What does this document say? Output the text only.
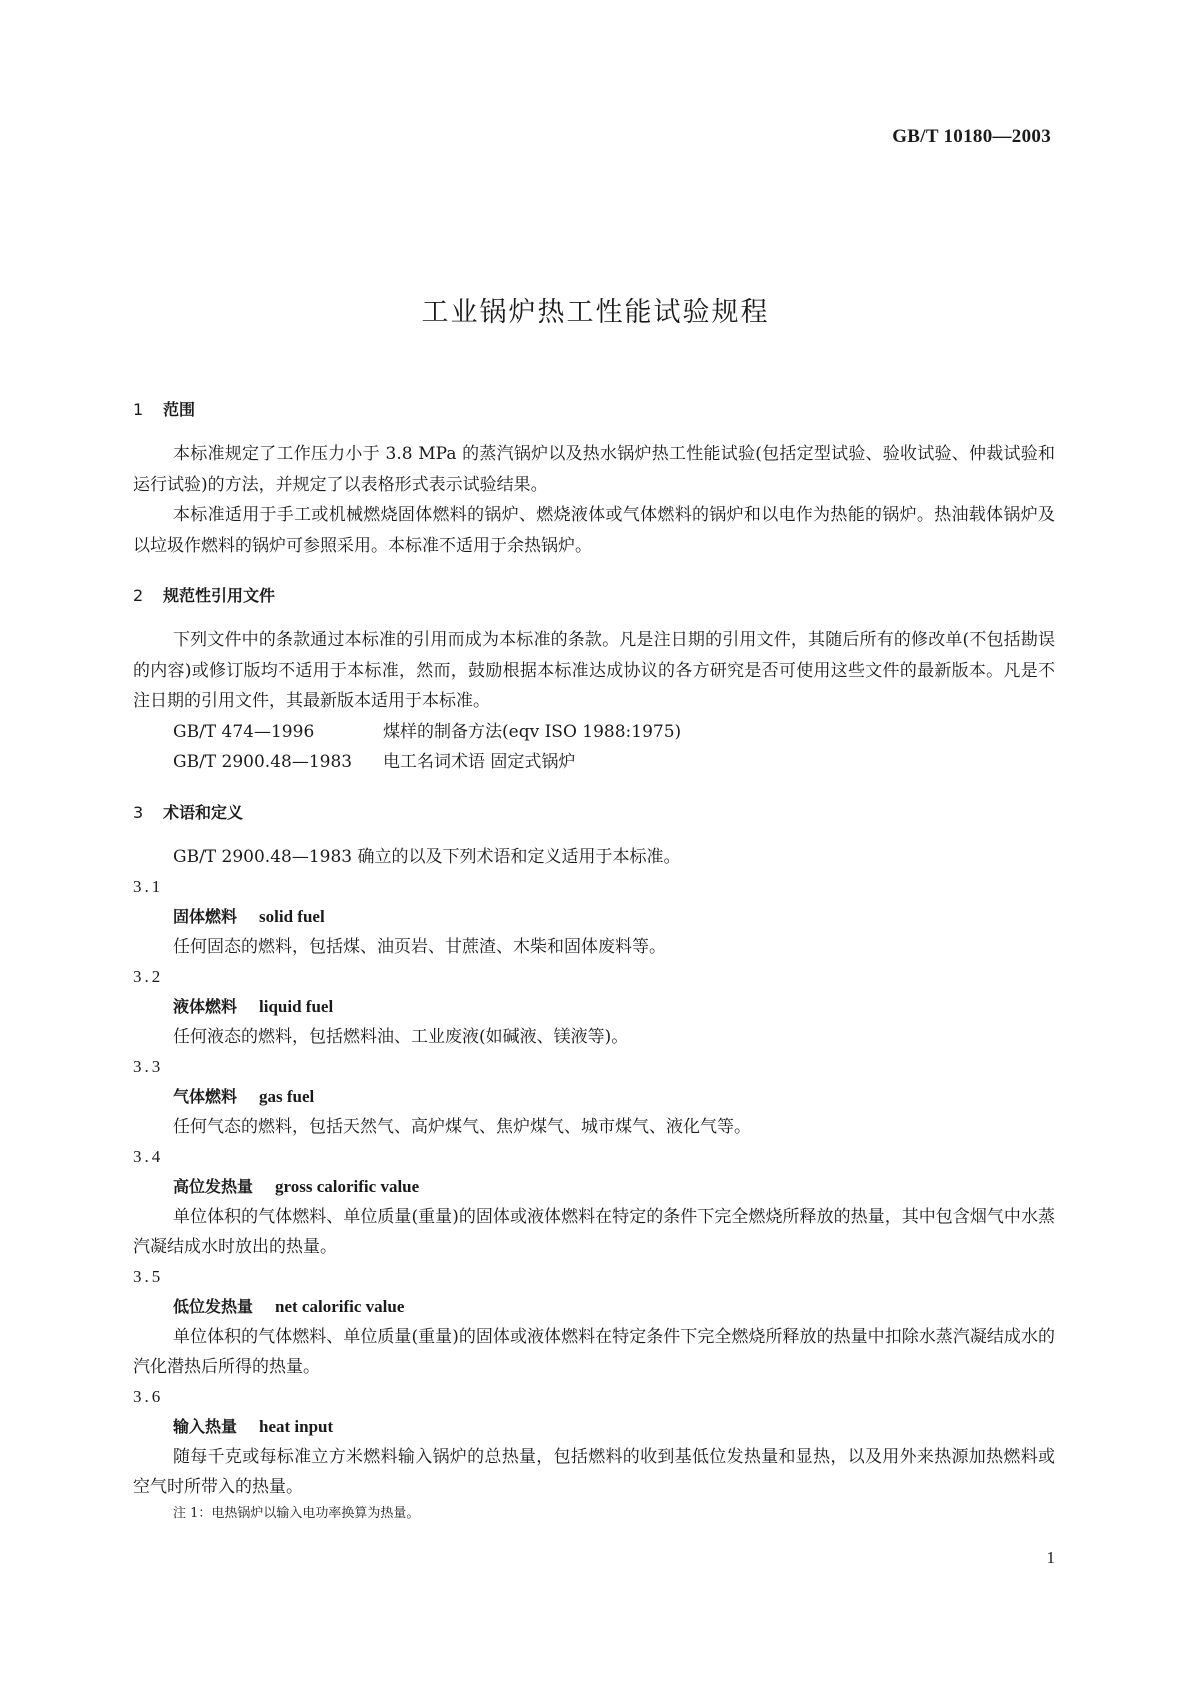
GB/T 10180—2003
工业锅炉热工性能试验规程
1 范围

本标准规定了工作压力小于 3.8 MPa 的蒸汽锅炉以及热水锅炉热工性能试验(包括定型试验、验收试验、仲裁试验和运行试验)的方法，并规定了以表格形式表示试验结果。

本标准适用于手工或机械燃烧固体燃料的锅炉、燃烧液体或气体燃料的锅炉和以电作为热能的锅炉。热油载体锅炉及以垃圾作燃料的锅炉可参照采用。本标准不适用于余热锅炉。

2 规范性引用文件

下列文件中的条款通过本标准的引用而成为本标准的条款。凡是注日期的引用文件，其随后所有的修改单(不包括勘误的内容)或修订版均不适用于本标准，然而，鼓励根据本标准达成协议的各方研究是否可使用这些文件的最新版本。凡是不注日期的引用文件，其最新版本适用于本标准。

GB/T 474—1996	煤样的制备方法(eqv ISO 1988:1975)

GB/T 2900.48—1983 电工名词术语 固定式锅炉

3 术语和定义

GB/T 2900.48—1983 确立的以及下列术语和定义适用于本标准。

3.1

固体燃料 solid fuel

任何固态的燃料，包括煤、油页岩、甘蔗渣、木柴和固体废料等。

3.2

液体燃料 liquid fuel

任何液态的燃料，包括燃料油、工业废液(如碱液、镁液等)。

3.3

气体燃料 gas fuel

任何气态的燃料，包括天然气、高炉煤气、焦炉煤气、城市煤气、液化气等。

3.4

高位发热量 gross calorific value

单位体积的气体燃料、单位质量(重量)的固体或液体燃料在特定的条件下完全燃烧所释放的热量，其中包含烟气中水蒸汽凝结成水时放出的热量。

3.5

低位发热量 net calorific value

单位体积的气体燃料、单位质量(重量)的固体或液体燃料在特定条件下完全燃烧所释放的热量中扣除水蒸汽凝结成水的汽化潜热后所得的热量。

3.6

输入热量 heat input

随每千克或每标准立方米燃料输入锅炉的总热量，包括燃料的收到基低位发热量和显热，以及用外来热源加热燃料或空气时所带入的热量。

注 1：电热锅炉以输入电功率换算为热量。

1
